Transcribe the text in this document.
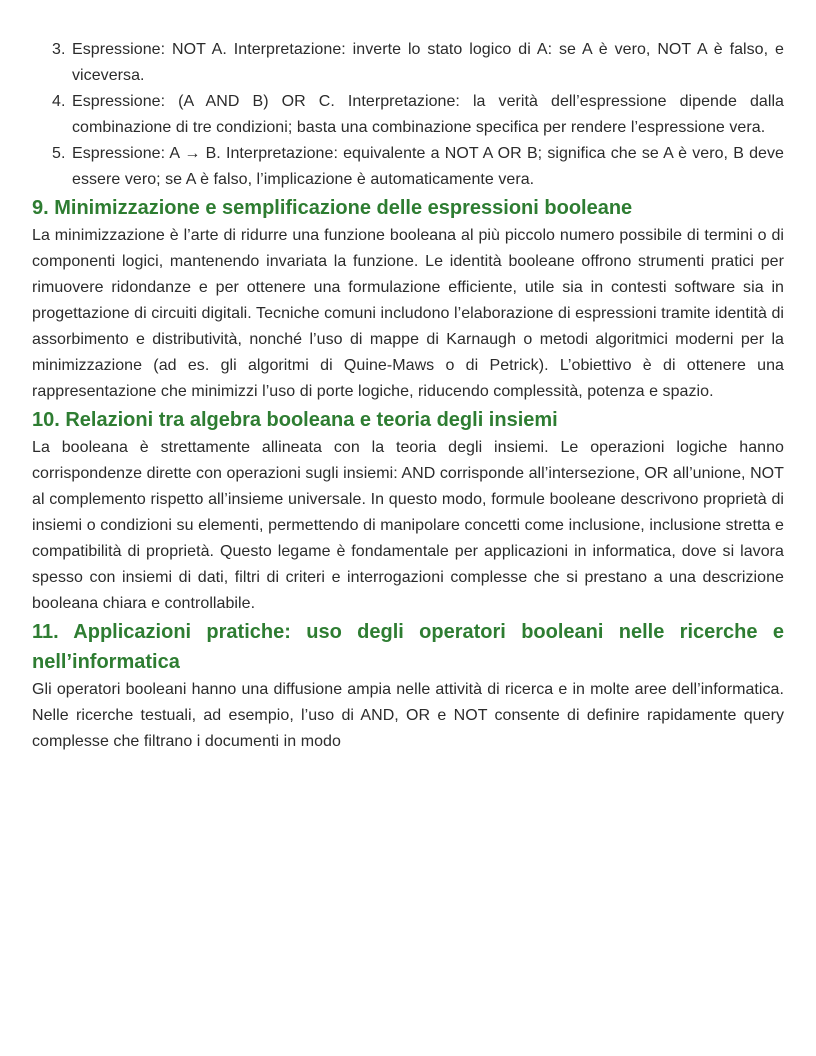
3. Espressione: NOT A. Interpretazione: inverte lo stato logico di A: se A è vero, NOT A è falso, e viceversa.
4. Espressione: (A AND B) OR C. Interpretazione: la verità dell’espressione dipende dalla combinazione di tre condizioni; basta una combinazione specifica per rendere l’espressione vera.
5. Espressione: A → B. Interpretazione: equivalente a NOT A OR B; significa che se A è vero, B deve essere vero; se A è falso, l’implicazione è automaticamente vera.
9. Minimizzazione e semplificazione delle espressioni booleane

La minimizzazione è l’arte di ridurre una funzione booleana al più piccolo numero possibile di termini o di componenti logici, mantenendo invariata la funzione. Le identità booleane offrono strumenti pratici per rimuovere ridondanze e per ottenere una formulazione efficiente, utile sia in contesti software sia in progettazione di circuiti digitali. Tecniche comuni includono l’elaborazione di espressioni tramite identità di assorbimento e distributività, nonché l’uso di mappe di Karnaugh o metodi algoritmici moderni per la minimizzazione (ad es. gli algoritmi di Quine-Maws o di Petrick). L’obiettivo è di ottenere una rappresentazione che minimizzi l’uso di porte logiche, riducendo complessità, potenza e spazio.

10. Relazioni tra algebra booleana e teoria degli insiemi

La booleana è strettamente allineata con la teoria degli insiemi. Le operazioni logiche hanno corrispondenze dirette con operazioni sugli insiemi: AND corrisponde all’intersezione, OR all’unione, NOT al complemento rispetto all’insieme universale. In questo modo, formule booleane descrivono proprietà di insiemi o condizioni su elementi, permettendo di manipolare concetti come inclusione, inclusione stretta e compatibilità di proprietà. Questo legame è fondamentale per applicazioni in informatica, dove si lavora spesso con insiemi di dati, filtri di criteri e interrogazioni complesse che si prestano a una descrizione booleana chiara e controllabile.

11. Applicazioni pratiche: uso degli operatori booleani nelle ricerche e nell’informatica

Gli operatori booleani hanno una diffusione ampia nelle attività di ricerca e in molte aree dell’informatica. Nelle ricerche testuali, ad esempio, l’uso di AND, OR e NOT consente di definire rapidamente query complesse che filtrano i documenti in modo
